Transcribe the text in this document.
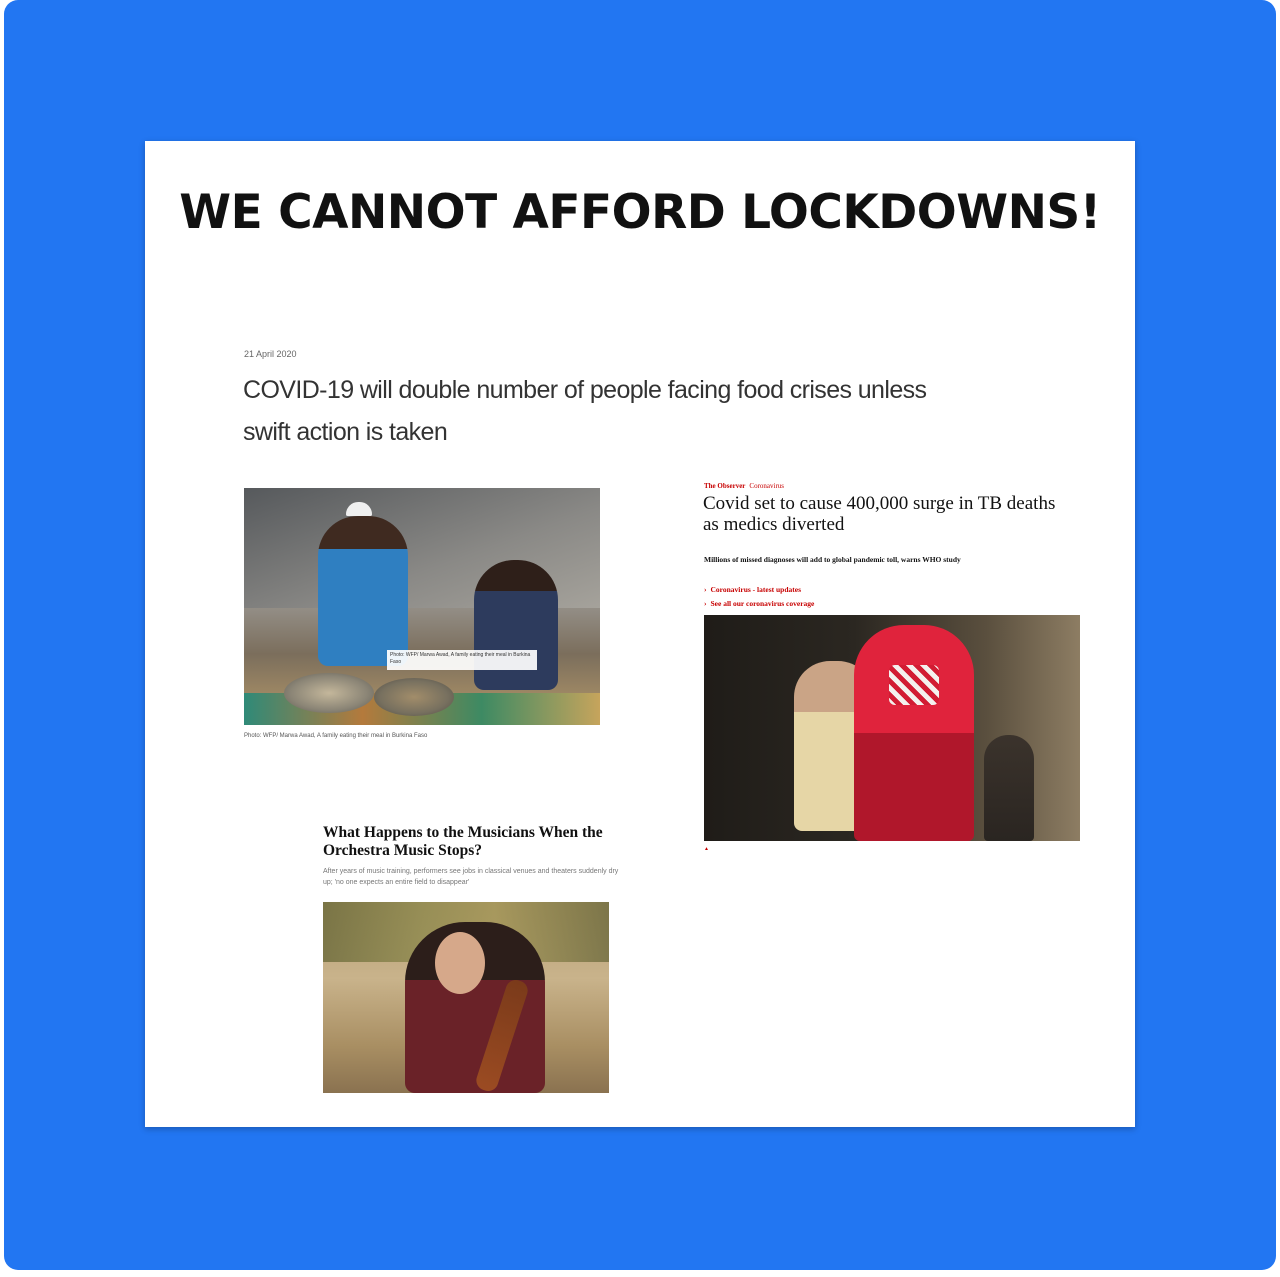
WE CANNOT AFFORD LOCKDOWNS!
21 April 2020
COVID-19 will double number of people facing food crises unless swift action is taken
Photo: WFP/ Marwa Awad, A family eating their meal in Burkina Faso
Photo: WFP/ Marwa Awad, A family eating their meal in Burkina Faso
The Observer Coronavirus
Covid set to cause 400,000 surge in TB deaths as medics diverted
Millions of missed diagnoses will add to global pandemic toll, warns WHO study
› Coronavirus - latest updates
› See all our coronavirus coverage
▲
What Happens to the Musicians When the Orchestra Music Stops?
After years of music training, performers see jobs in classical venues and theaters suddenly dry up; 'no one expects an entire field to disappear'
